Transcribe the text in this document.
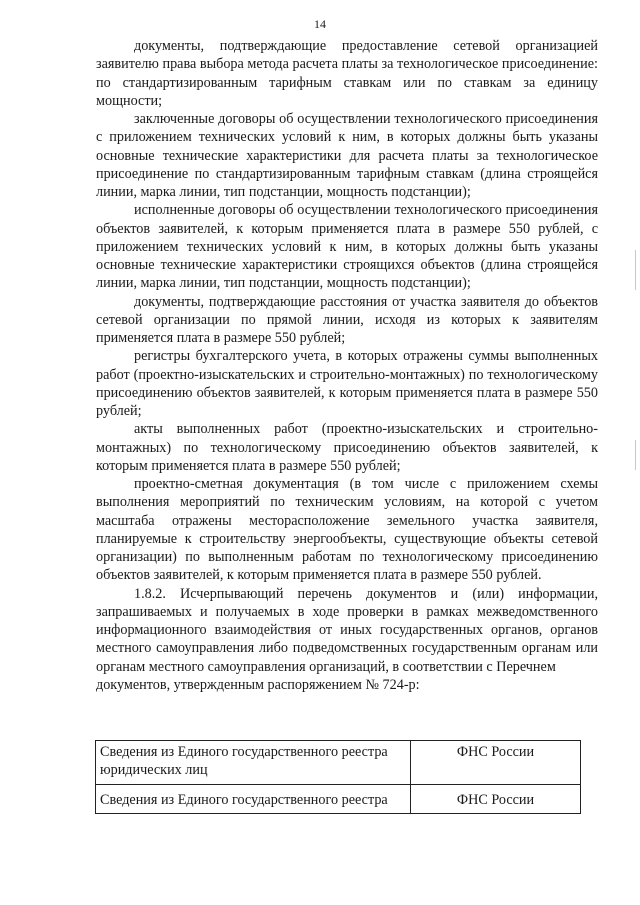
14

документы, подтверждающие предоставление сетевой организацией заявителю права выбора метода расчета платы за технологическое присоединение: по стандартизированным тарифным ставкам или по ставкам за единицу мощности;

заключенные договоры об осуществлении технологического присоединения с приложением технических условий к ним, в которых должны быть указаны основные технические характеристики для расчета платы за технологическое присоединение по стандартизированным тарифным ставкам (длина строящейся линии, марка линии, тип подстанции, мощность подстанции);

исполненные договоры об осуществлении технологического присоединения объектов заявителей, к которым применяется плата в размере 550 рублей, с приложением технических условий к ним, в которых должны быть указаны основные технические характеристики строящихся объектов (длина строящейся линии, марка линии, тип подстанции, мощность подстанции);

документы, подтверждающие расстояния от участка заявителя до объектов сетевой организации по прямой линии, исходя из которых к заявителям применяется плата в размере 550 рублей;

регистры бухгалтерского учета, в которых отражены суммы выполненных работ (проектно-изыскательских и строительно-монтажных) по технологическому присоединению объектов заявителей, к которым применяется плата в размере 550 рублей;

акты выполненных работ (проектно-изыскательских и строительно-монтажных) по технологическому присоединению объектов заявителей, к которым применяется плата в размере 550 рублей;

проектно-сметная документация (в том числе с приложением схемы выполнения мероприятий по техническим условиям, на которой с учетом масштаба отражены месторасположение земельного участка заявителя, планируемые к строительству энергообъекты, существующие объекты сетевой организации) по выполненным работам по технологическому присоединению объектов заявителей, к которым применяется плата в размере 550 рублей.

1.8.2. Исчерпывающий перечень документов и (или) информации, запрашиваемых и получаемых в ходе проверки в рамках межведомственного информационного взаимодействия от иных государственных органов, органов местного самоуправления либо подведомственных государственным органам или органам местного самоуправления организаций, в соответствии с Перечнем

документов, утвержденным распоряжением № 724-р:

Сведения из Единого государственного реестра юридических лиц	ФНС России
Сведения из Единого государственного реестра	ФНС России
